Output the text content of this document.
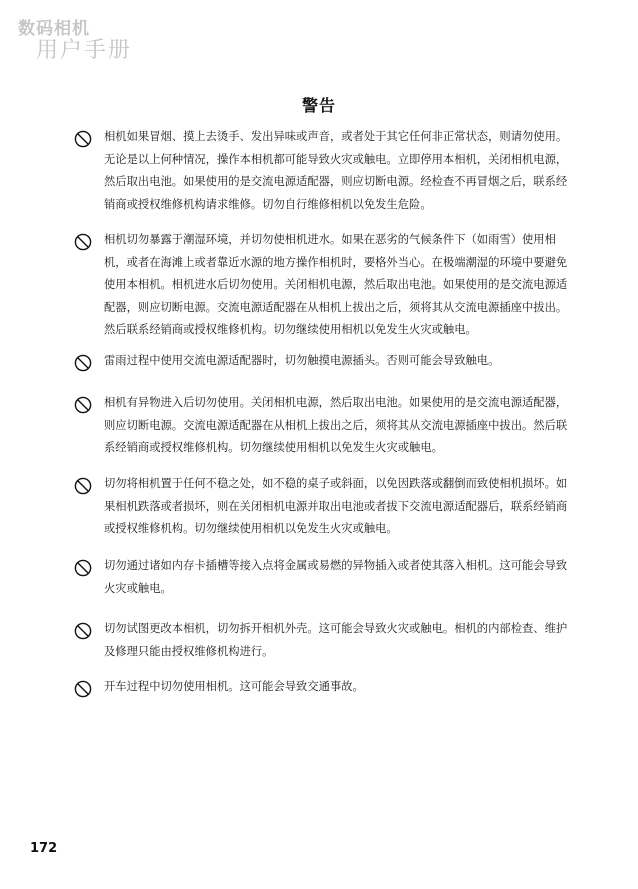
数码相机
用户手册
警告
相机如果冒烟、摸上去烫手、发出异味或声音，或者处于其它任何非正常状态，则请勿使用。无论是以上何种情况，操作本相机都可能导致火灾或触电。立即停用本相机，关闭相机电源，然后取出电池。如果使用的是交流电源适配器，则应切断电源。经检查不再冒烟之后，联系经销商或授权维修机构请求维修。切勿自行维修相机以免发生危险。
相机切勿暴露于潮湿环境，并切勿使相机进水。如果在恶劣的气候条件下（如雨雪）使用相机，或者在海滩上或者靠近水源的地方操作相机时，要格外当心。在极端潮湿的环境中要避免使用本相机。相机进水后切勿使用。关闭相机电源，然后取出电池。如果使用的是交流电源适配器，则应切断电源。交流电源适配器在从相机上拔出之后，须将其从交流电源插座中拔出。然后联系经销商或授权维修机构。切勿继续使用相机以免发生火灾或触电。
雷雨过程中使用交流电源适配器时，切勿触摸电源插头。否则可能会导致触电。
相机有异物进入后切勿使用。关闭相机电源，然后取出电池。如果使用的是交流电源适配器，则应切断电源。交流电源适配器在从相机上拔出之后，须将其从交流电源插座中拔出。然后联系经销商或授权维修机构。切勿继续使用相机以免发生火灾或触电。
切勿将相机置于任何不稳之处，如不稳的桌子或斜面，以免因跌落或翻倒而致使相机损坏。如果相机跌落或者损坏，则在关闭相机电源并取出电池或者拔下交流电源适配器后，联系经销商或授权维修机构。切勿继续使用相机以免发生火灾或触电。
切勿通过诸如内存卡插槽等接入点将金属或易燃的异物插入或者使其落入相机。这可能会导致火灾或触电。
切勿试图更改本相机，切勿拆开相机外壳。这可能会导致火灾或触电。相机的内部检查、维护及修理只能由授权维修机构进行。
开车过程中切勿使用相机。这可能会导致交通事故。
172
